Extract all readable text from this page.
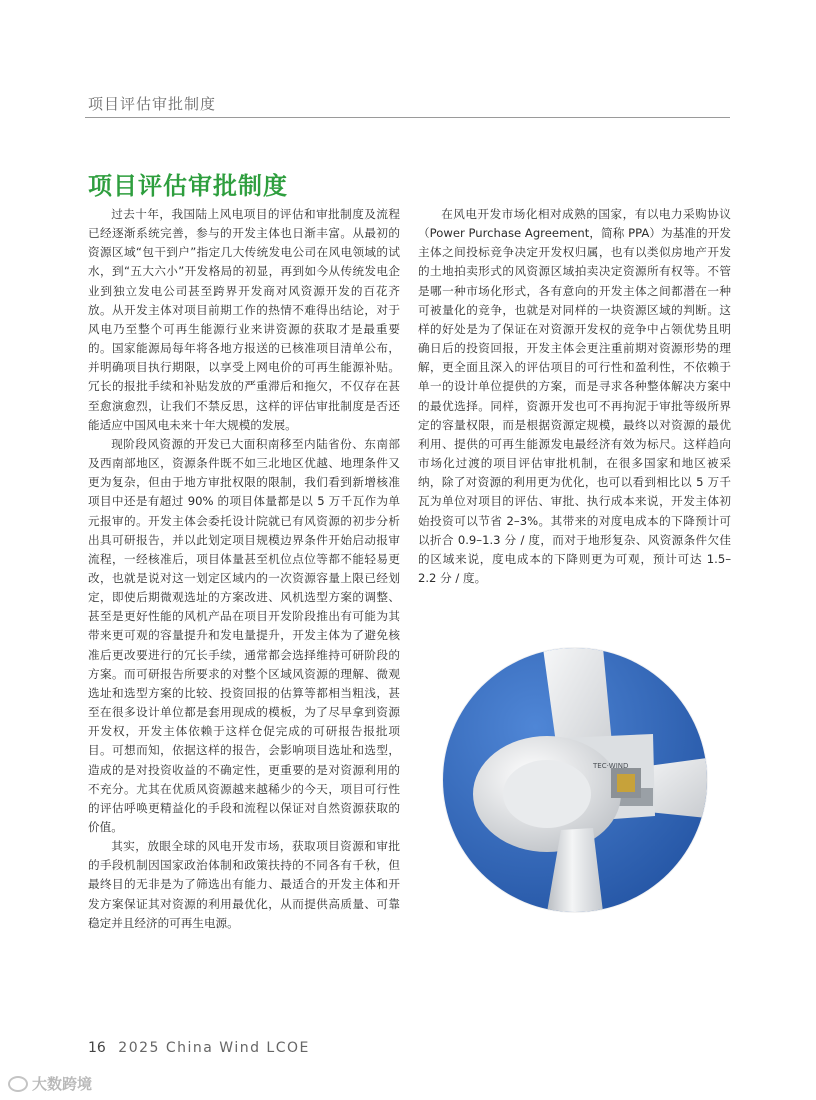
项目评估审批制度
项目评估审批制度

过去十年，我国陆上风电项目的评估和审批制度及流程已经逐渐系统完善，参与的开发主体也日渐丰富。从最初的资源区域“包干到户”指定几大传统发电公司在风电领域的试水，到“五大六小”开发格局的初显，再到如今从传统发电企业到独立发电公司甚至跨界开发商对风资源开发的百花齐放。从开发主体对项目前期工作的热情不难得出结论，对于风电乃至整个可再生能源行业来讲资源的获取才是最重要的。国家能源局每年将各地方报送的已核准项目清单公布，并明确项目执行期限，以享受上网电价的可再生能源补贴。冗长的报批手续和补贴发放的严重滞后和拖欠，不仅存在甚至愈演愈烈，让我们不禁反思，这样的评估审批制度是否还能适应中国风电未来十年大规模的发展。

现阶段风资源的开发已大面积南移至内陆省份、东南部及西南部地区，资源条件既不如三北地区优越、地理条件又更为复杂，但由于地方审批权限的限制，我们看到新增核准项目中还是有超过 90% 的项目体量都是以 5 万千瓦作为单元报审的。开发主体会委托设计院就已有风资源的初步分析出具可研报告，并以此划定项目规模边界条件开始启动报审流程，一经核准后，项目体量甚至机位点位等都不能轻易更改，也就是说对这一划定区域内的一次资源容量上限已经划定，即使后期微观选址的方案改进、风机选型方案的调整、甚至是更好性能的风机产品在项目开发阶段推出有可能为其带来更可观的容量提升和发电量提升，开发主体为了避免核准后更改要进行的冗长手续，通常都会选择维持可研阶段的方案。而可研报告所要求的对整个区域风资源的理解、微观选址和选型方案的比较、投资回报的估算等都相当粗浅，甚至在很多设计单位都是套用现成的模板，为了尽早拿到资源开发权，开发主体依赖于这样仓促完成的可研报告报批项目。可想而知，依据这样的报告，会影响项目选址和选型，造成的是对投资收益的不确定性，更重要的是对资源利用的不充分。尤其在优质风资源越来越稀少的今天，项目可行性的评估呼唤更精益化的手段和流程以保证对自然资源获取的价值。

其实，放眼全球的风电开发市场，获取项目资源和审批的手段机制因国家政治体制和政策扶持的不同各有千秋，但最终目的无非是为了筛选出有能力、最适合的开发主体和开发方案保证其对资源的利用最优化，从而提供高质量、可靠稳定并且经济的可再生电源。

在风电开发市场化相对成熟的国家，有以电力采购协议（Power Purchase Agreement，简称 PPA）为基准的开发主体之间投标竞争决定开发权归属，也有以类似房地产开发的土地拍卖形式的风资源区域拍卖决定资源所有权等。不管是哪一种市场化形式，各有意向的开发主体之间都潜在一种可被量化的竞争，也就是对同样的一块资源区域的判断。这样的好处是为了保证在对资源开发权的竞争中占领优势且明确日后的投资回报，开发主体会更注重前期对资源形势的理解，更全面且深入的评估项目的可行性和盈利性，不依赖于单一的设计单位提供的方案，而是寻求各种整体解决方案中的最优选择。同样，资源开发也可不再拘泥于审批等级所界定的容量权限，而是根据资源定规模，最终以对资源的最优利用、提供的可再生能源发电最经济有效为标尺。这样趋向市场化过渡的项目评估审批机制，在很多国家和地区被采纳，除了对资源的利用更为优化，也可以看到相比以 5 万千瓦为单位对项目的评估、审批、执行成本来说，开发主体初始投资可以节省 2–3%。其带来的对度电成本的下降预计可以折合 0.9–1.3 分 / 度，而对于地形复杂、风资源条件欠佳的区域来说，度电成本的下降则更为可观，预计可达 1.5–2.2 分 / 度。

TEC·WIND
16 2025 China Wind LCOE
大数跨境
